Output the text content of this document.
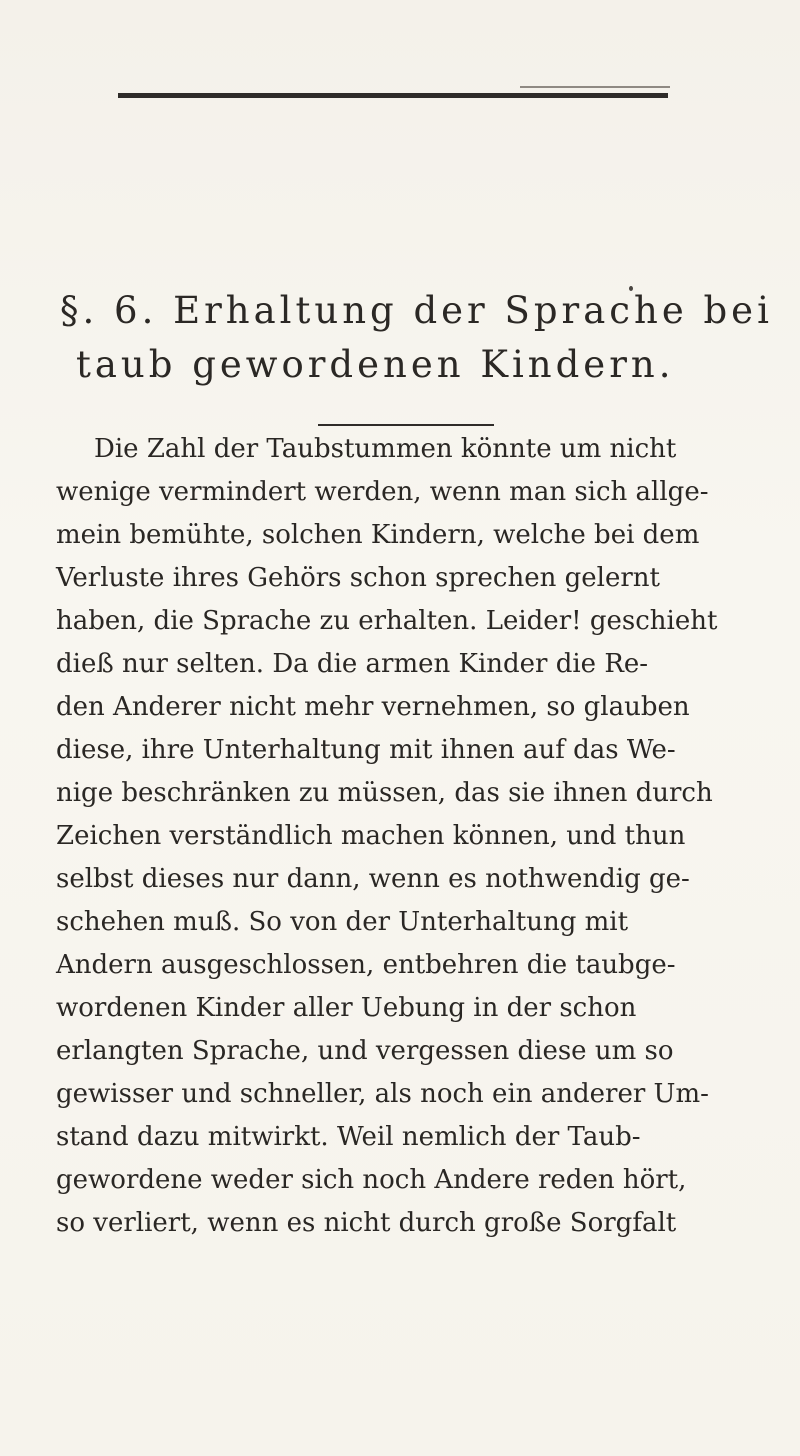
§. 6. Erhaltung der Sprache bei
taub gewordenen Kindern.
Die Zahl der Taubstummen könnte um nicht
wenige vermindert werden, wenn man sich allge-
mein bemühte, solchen Kindern, welche bei dem
Verluste ihres Gehörs schon sprechen gelernt
haben, die Sprache zu erhalten. Leider! geschieht
dieß nur selten. Da die armen Kinder die Re-
den Anderer nicht mehr vernehmen, so glauben
diese, ihre Unterhaltung mit ihnen auf das We-
nige beschränken zu müssen, das sie ihnen durch
Zeichen verständlich machen können, und thun
selbst dieses nur dann, wenn es nothwendig ge-
schehen muß. So von der Unterhaltung mit
Andern ausgeschlossen, entbehren die taubge-
wordenen Kinder aller Uebung in der schon
erlangten Sprache, und vergessen diese um so
gewisser und schneller, als noch ein anderer Um-
stand dazu mitwirkt. Weil nemlich der Taub-
gewordene weder sich noch Andere reden hört,
so verliert, wenn es nicht durch große Sorgfalt
